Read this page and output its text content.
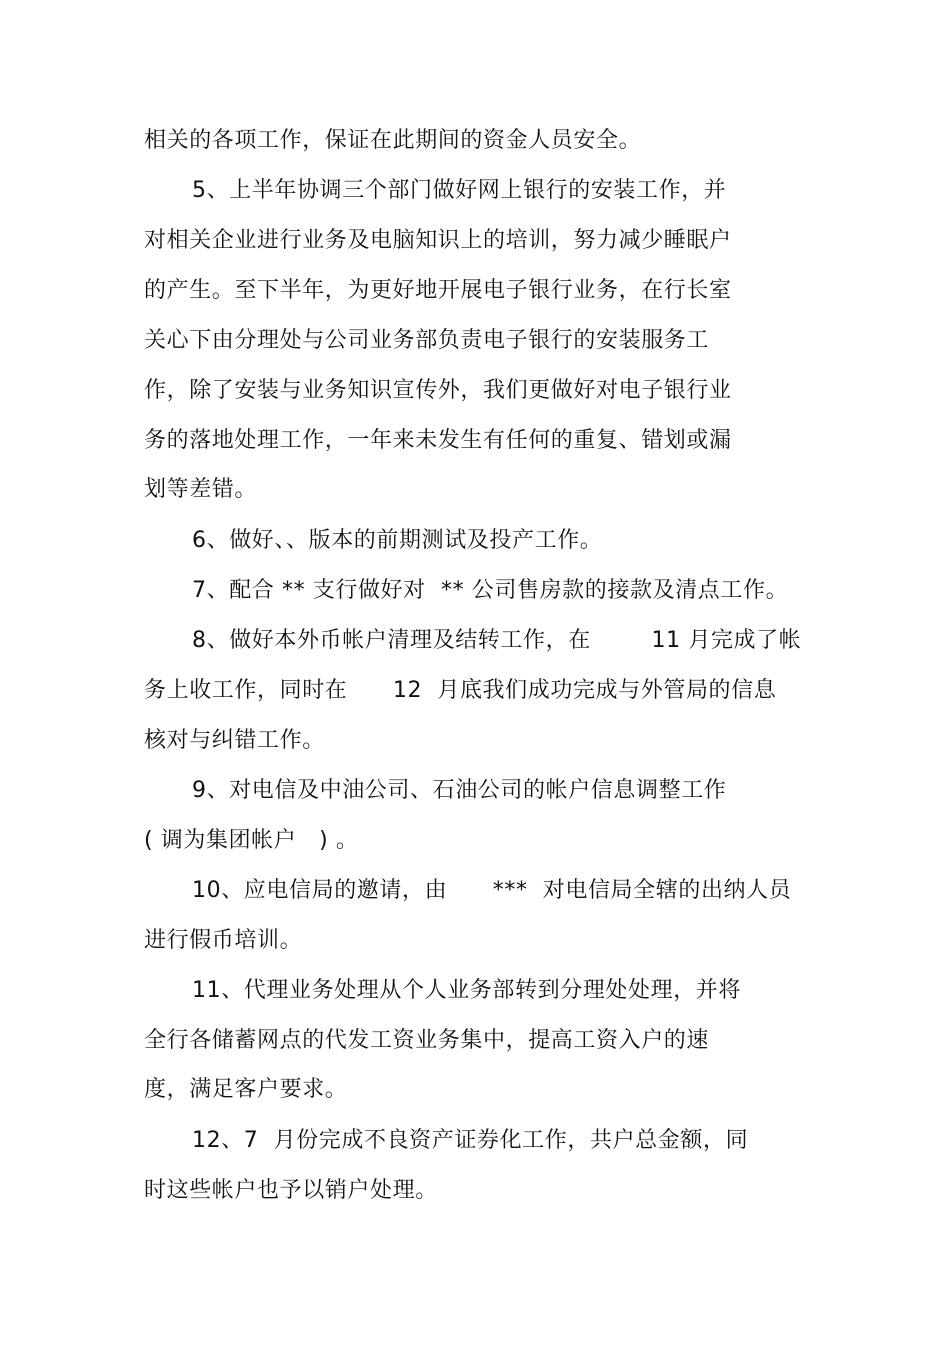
相关的各项工作，保证在此期间的资金人员安全。
5、上半年协调三个部门做好网上银行的安装工作，并
对相关企业进行业务及电脑知识上的培训，努力减少睡眠户
的产生。至下半年，为更好地开展电子银行业务，在行长室
关心下由分理处与公司业务部负责电子银行的安装服务工
作，除了安装与业务知识宣传外，我们更做好对电子银行业
务的落地处理工作，一年来未发生有任何的重复、错划或漏
划等差错。
6、做好、、版本的前期测试及投产工作。
7、配合 ** 支行做好对  ** 公司售房款的接款及清点工作。
8、做好本外币帐户清理及结转工作，在        11 月完成了帐
务上收工作，同时在      12  月底我们成功完成与外管局的信息
核对与纠错工作。
9、对电信及中油公司、石油公司的帐户信息调整工作
( 调为集团帐户   ) 。
10、应电信局的邀请，由      ***  对电信局全辖的出纳人员
进行假币培训。
11、代理业务处理从个人业务部转到分理处处理，并将
全行各储蓄网点的代发工资业务集中，提高工资入户的速
度，满足客户要求。
12、7  月份完成不良资产证券化工作，共户总金额，同
时这些帐户也予以销户处理。
